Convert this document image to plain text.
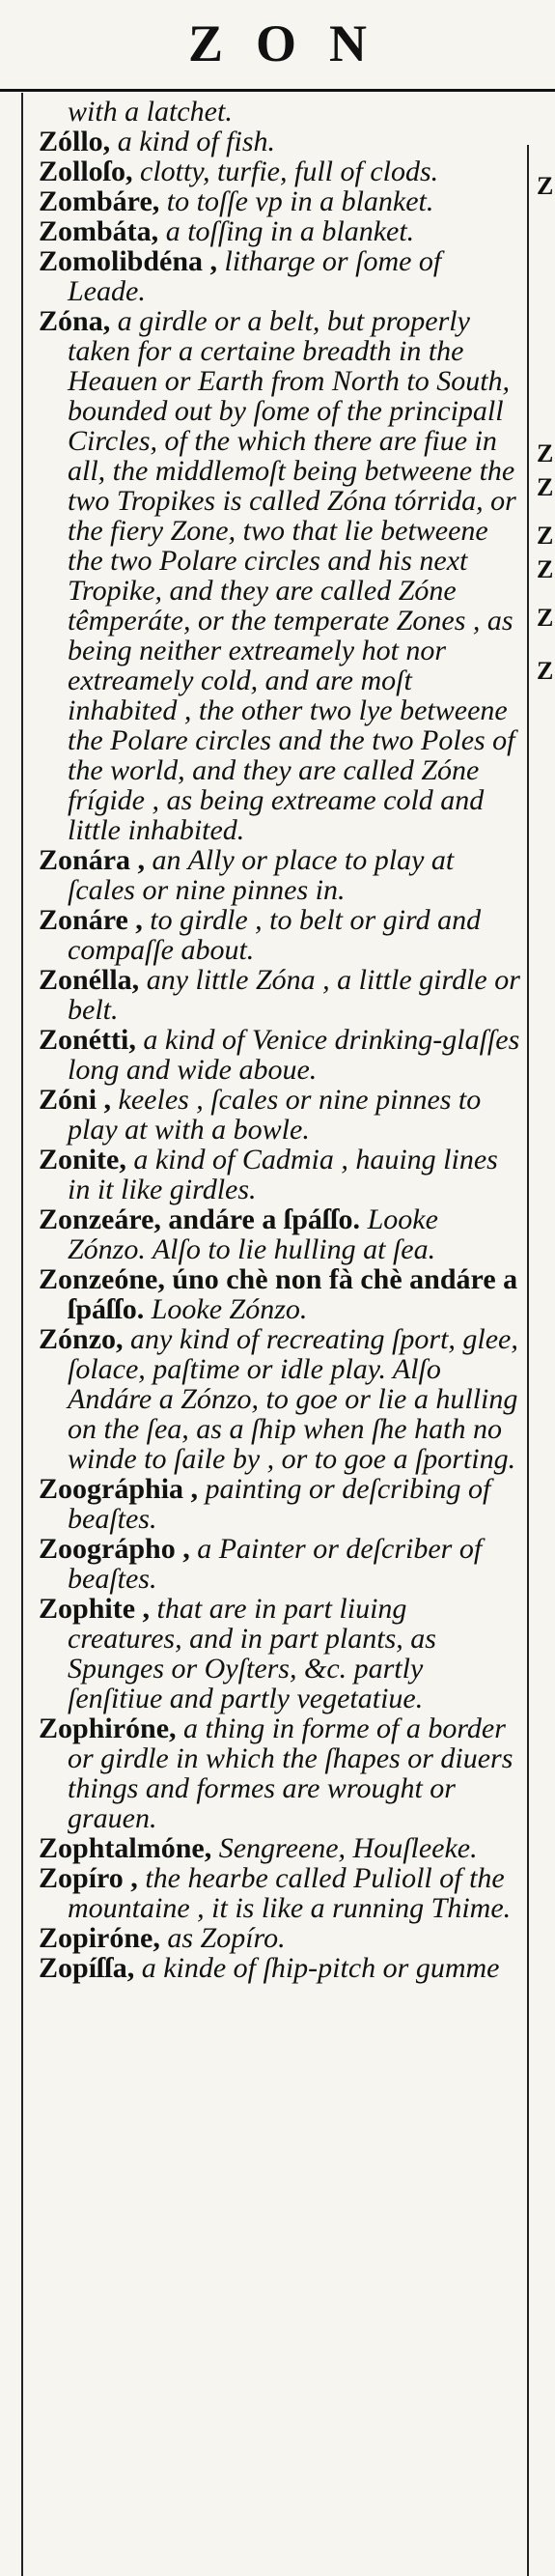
ZON
Z
Z
Z
Z
Z
Z
Z

with a latchet.

Zóllo, a kind of fish.

Zolloſo, clotty, turfie, full of clods.

Zombáre, to toſſe vp in a blanket.

Zombáta, a toſſing in a blanket.

Zomolibdéna , litharge or ſome of Leade.

Zóna, a girdle or a belt, but properly taken for a certaine breadth in the Heauen or Earth from North to South, bounded out by ſome of the principall Circles, of the which there are fiue in all, the middlemoſt being betweene the two Tropikes is called Zóna tórrida, or the fiery Zone, two that lie betweene the two Polare circles and his next Tropike, and they are called Zóne têmperáte, or the temperate Zones , as being neither extreamely hot nor extreamely cold, and are moſt inhabited , the other two lye betweene the Polare circles and the two Poles of the world, and they are called Zóne frígide , as being extreame cold and little inhabited.

Zonára , an Ally or place to play at ſcales or nine pinnes in.

Zonáre , to girdle , to belt or gird and compaſſe about.

Zonélla, any little Zóna , a little girdle or belt.

Zonétti, a kind of Venice drinking-glaſſes long and wide aboue.

Zóni , keeles , ſcales or nine pinnes to play at with a bowle.

Zonite, a kind of Cadmia , hauing lines in it like girdles.

Zonzeáre, andáre a ſpáſſo. Looke Zónzo. Alſo to lie hulling at ſea.

Zonzeóne, úno chè non fà chè andáre a ſpáſſo. Looke Zónzo.

Zónzo, any kind of recreating ſport, glee, ſolace, paſtime or idle play. Alſo Andáre a Zónzo, to goe or lie a hulling on the ſea, as a ſhip when ſhe hath no winde to ſaile by , or to goe a ſporting.

Zoográphia , painting or deſcribing of beaſtes.

Zoográpho , a Painter or deſcriber of beaſtes.

Zophite , that are in part liuing creatures, and in part plants, as Spunges or Oyſters, &c. partly ſenſitiue and partly vegetatiue.

Zophiróne, a thing in forme of a border or girdle in which the ſhapes or diuers things and formes are wrought or grauen.

Zophtalmóne, Sengreene, Houſleeke.

Zopíro , the hearbe called Pulioll of the mountaine , it is like a running Thime.

Zopiróne, as Zopíro.

Zopíſſa, a kinde of ſhip-pitch or gumme
